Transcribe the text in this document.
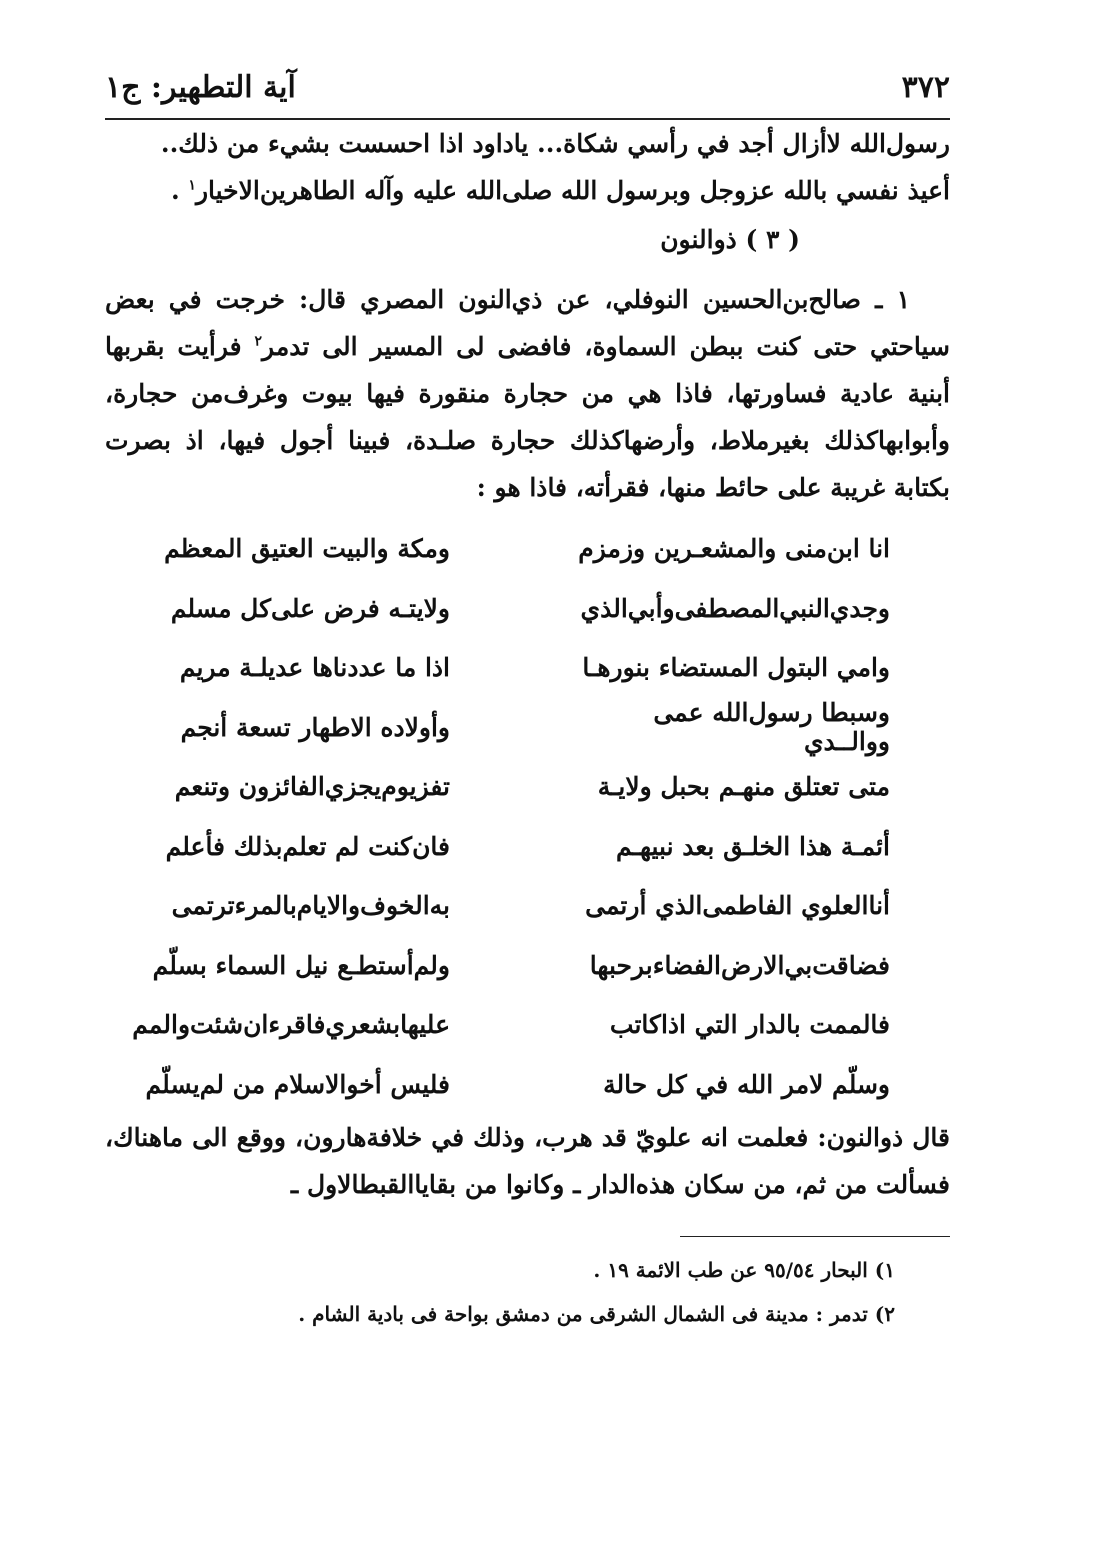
٣٧٢
آية التطهير: ج١

رسول‌الله لاأزال أجد في رأسي شكاة... ياداود اذا احسست بشيء من ذلك..

أعيذ نفسي بالله عزوجل وبرسول الله صلى‌الله عليه وآله الطاهرين‌الاخيار$^١$ .

( ٣ ) ذوالنون

١ ـ صالح‌بن‌الحسين النوفلي، عن ذي‌النون المصري قال: خرجت في بعض سياحتي حتى كنت ببطن السماوة، فافضى لى المسير الى تدمر$^٢$ فرأيت بقربها أبنية عادية فساورتها، فاذا هي من حجارة منقورة فيها بيوت وغرف‌من حجارة، وأبوابهاكذلك بغيرملاط، وأرضهاكذلك حجارة صلـدة، فبينا أجول فيها، اذ بصرت بكتابة غريبة على حائط منها، فقرأته، فاذا هو :

انا ابن‌منى والمشعـرين وزمزم
ومكة والبيت العتيق المعظم
وجدي‌النبي‌المصطفى‌وأبي‌الذي
ولايتـه فرض على‌كل مسلم
وامي البتول المستضاء بنورهـا
اذا ما عددناها عديلـة مريم
وسبطا رسول‌الله عمى ووالــدي
وأولاده الاطهار تسعة أنجم
متى تعتلق منهـم بحبل ولايـة
تفزيوم‌يجزي‌الفائزون وتنعم
أئمـة هذا الخلـق بعد نبيهـم
فان‌كنت لم تعلم‌بذلك فأعلم
أناالعلوي الفاطمى‌الذي أرتمى
به‌الخوف‌والايام‌بالمرء‌ترتمى
فضاقت‌بي‌الارض‌الفضاء‌برحبها
ولم‌أستطـع نيل السماء بسلّم
فالممت بالدار التي اذاكاتب
عليهابشعري‌فاقرءان‌شئت‌والمم
وسلّم لامر الله في كل حالة
فليس أخوالاسلام من لم‌يسلّم

قال ذوالنون: فعلمت انه علويّ قد هرب، وذلك في خلافةهارون، ووقع الى ماهناك، فسألت من ثم، من سكان هذه‌الدار ـ وكانوا من بقاياالقبطالاول ـ

١) البحار ٩٥/٥٤ عن طب الائمة ١٩ .

٢) تدمر : مدينة فى الشمال الشرقى من دمشق بواحة فى بادية الشام .
